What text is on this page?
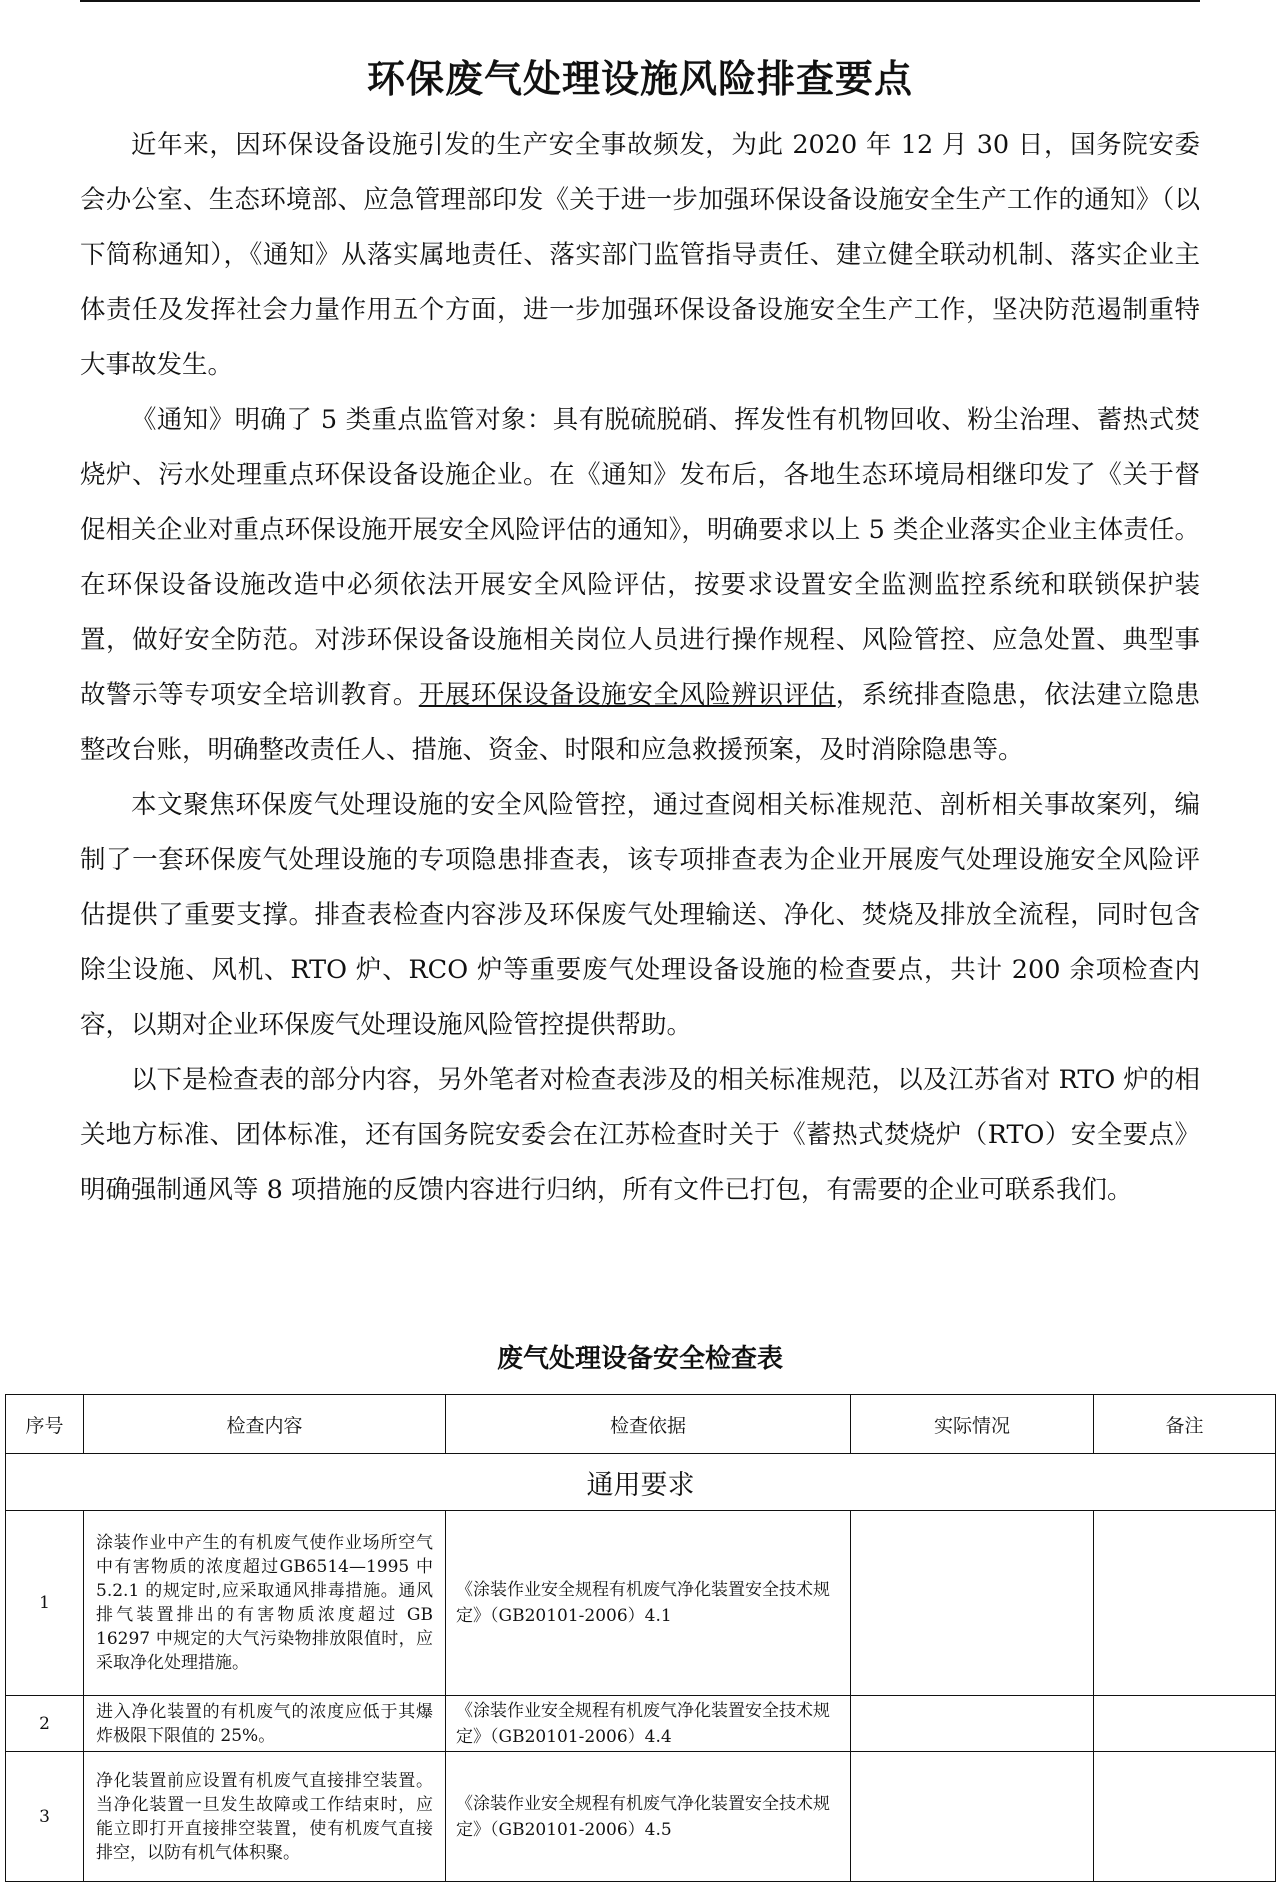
环保废气处理设施风险排查要点

近年来，因环保设备设施引发的生产安全事故频发，为此 2020 年 12 月 30 日，国务院安委会办公室、生态环境部、应急管理部印发《关于进一步加强环保设备设施安全生产工作的通知》（以下简称通知），《通知》从落实属地责任、落实部门监管指导责任、建立健全联动机制、落实企业主体责任及发挥社会力量作用五个方面，进一步加强环保设备设施安全生产工作，坚决防范遏制重特大事故发生。

《通知》明确了 5 类重点监管对象：具有脱硫脱硝、挥发性有机物回收、粉尘治理、蓄热式焚烧炉、污水处理重点环保设备设施企业。在《通知》发布后，各地生态环境局相继印发了《关于督促相关企业对重点环保设施开展安全风险评估的通知》，明确要求以上 5 类企业落实企业主体责任。在环保设备设施改造中必须依法开展安全风险评估，按要求设置安全监测监控系统和联锁保护装置，做好安全防范。对涉环保设备设施相关岗位人员进行操作规程、风险管控、应急处置、典型事故警示等专项安全培训教育。开展环保设备设施安全风险辨识评估，系统排查隐患，依法建立隐患整改台账，明确整改责任人、措施、资金、时限和应急救援预案，及时消除隐患等。

本文聚焦环保废气处理设施的安全风险管控，通过查阅相关标准规范、剖析相关事故案列，编制了一套环保废气处理设施的专项隐患排查表，该专项排查表为企业开展废气处理设施安全风险评估提供了重要支撑。排查表检查内容涉及环保废气处理输送、净化、焚烧及排放全流程，同时包含除尘设施、风机、RTO 炉、RCO 炉等重要废气处理设备设施的检查要点，共计 200 余项检查内容，以期对企业环保废气处理设施风险管控提供帮助。

以下是检查表的部分内容，另外笔者对检查表涉及的相关标准规范，以及江苏省对 RTO 炉的相关地方标准、团体标准，还有国务院安委会在江苏检查时关于《蓄热式焚烧炉（RTO）安全要点》明确强制通风等 8 项措施的反馈内容进行归纳，所有文件已打包，有需要的企业可联系我们。

废气处理设备安全检查表
序号	检查内容	检查依据	实际情况	备注
通用要求				
1	涂装作业中产生的有机废气使作业场所空气中有害物质的浓度超过GB6514—1995 中 5.2.1 的规定时,应采取通风排毒措施。通风排气装置排出的有害物质浓度超过 GB 16297 中规定的大气污染物排放限值时，应采取净化处理措施。	《涂装作业安全规程有机废气净化装置安全技术规定》（GB20101-2006）4.1		
2	进入净化装置的有机废气的浓度应低于其爆炸极限下限值的 25%。	《涂装作业安全规程有机废气净化装置安全技术规定》（GB20101-2006）4.4		
3	净化装置前应设置有机废气直接排空装置。当净化装置一旦发生故障或工作结束时，应能立即打开直接排空装置，使有机废气直接排空，以防有机气体积聚。	《涂装作业安全规程有机废气净化装置安全技术规定》（GB20101-2006）4.5		
